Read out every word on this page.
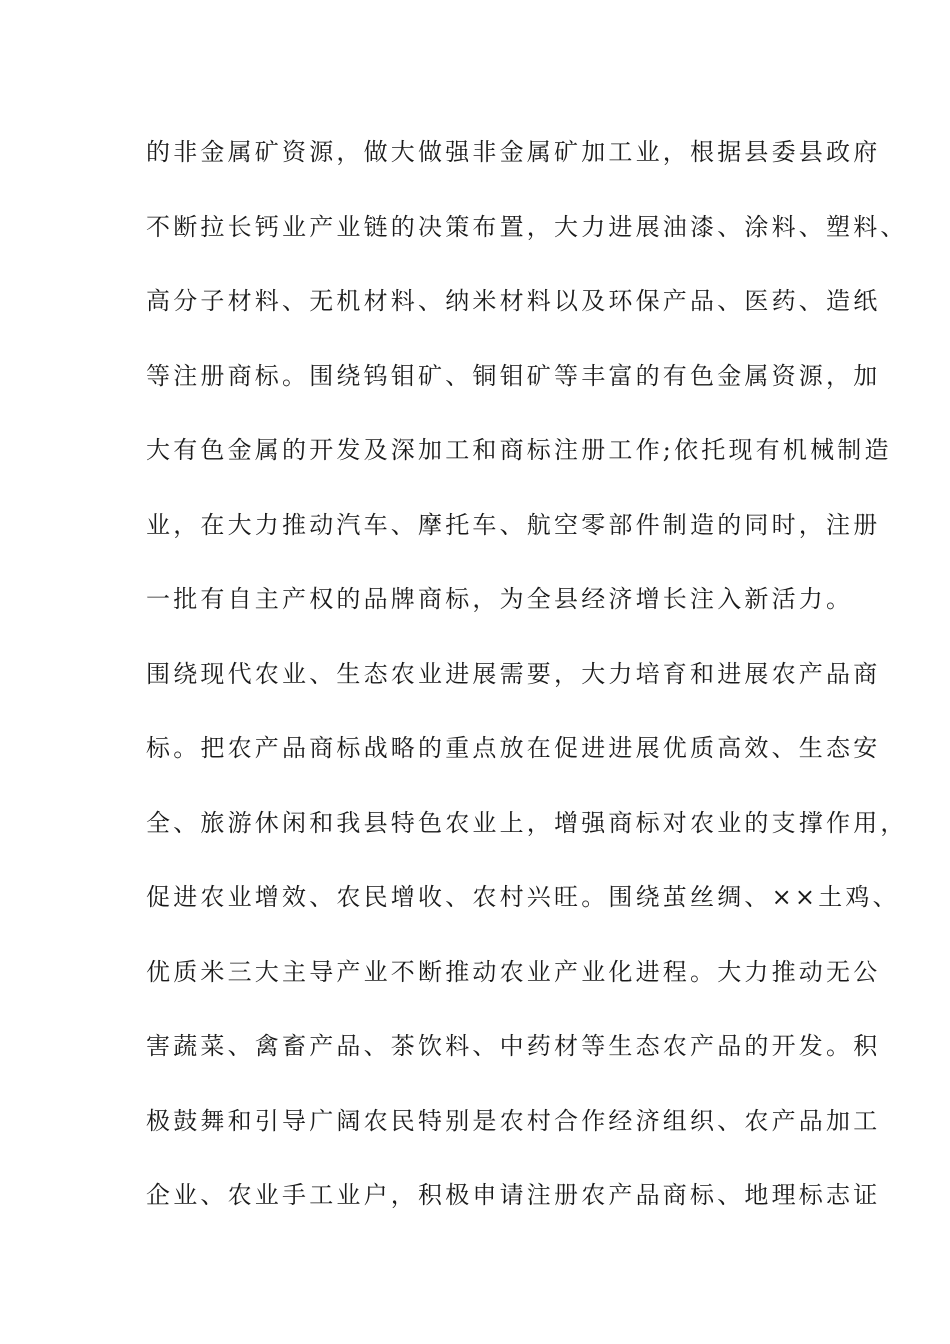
的非金属矿资源，做大做强非金属矿加工业，根据县委县政府
不断拉长钙业产业链的决策布置，大力进展油漆、涂料、塑料、
高分子材料、无机材料、纳米材料以及环保产品、医药、造纸
等注册商标。围绕钨钼矿、铜钼矿等丰富的有色金属资源，加
大有色金属的开发及深加工和商标注册工作;依托现有机械制造
业，在大力推动汽车、摩托车、航空零部件制造的同时，注册
一批有自主产权的品牌商标，为全县经济增长注入新活力。
围绕现代农业、生态农业进展需要，大力培育和进展农产品商
标。把农产品商标战略的重点放在促进进展优质高效、生态安
全、旅游休闲和我县特色农业上，增强商标对农业的支撑作用，
促进农业增效、农民增收、农村兴旺。围绕茧丝绸、××土鸡、
优质米三大主导产业不断推动农业产业化进程。大力推动无公
害蔬菜、禽畜产品、茶饮料、中药材等生态农产品的开发。积
极鼓舞和引导广阔农民特别是农村合作经济组织、农产品加工
企业、农业手工业户，积极申请注册农产品商标、地理标志证
